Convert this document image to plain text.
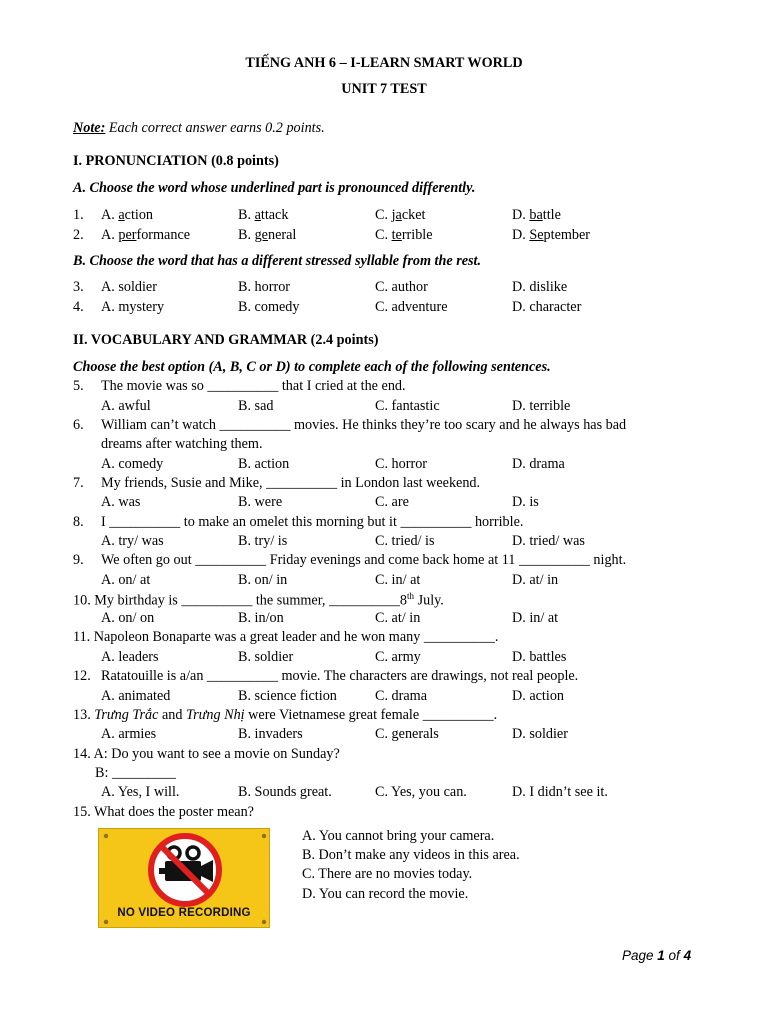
TIẾNG ANH 6 – I-LEARN SMART WORLD
UNIT 7 TEST
Note: Each correct answer earns 0.2 points.
I. PRONUNCIATION (0.8 points)
A. Choose the word whose underlined part is pronounced differently.
1. A. action	B. attack	C. jacket	D. battle
2. A. performance	B. general	C. terrible	D. September
B. Choose the word that has a different stressed syllable from the rest.
3. A. soldier	B. horror	C. author	D. dislike
4. A. mystery	B. comedy	C. adventure	D. character
II. VOCABULARY AND GRAMMAR (2.4 points)
Choose the best option (A, B, C or D) to complete each of the following sentences.
5. The movie was so __________ that I cried at the end.
A. awful	B. sad	C. fantastic	D. terrible
6. William can’t watch __________ movies. He thinks they’re too scary and he always has bad
dreams after watching them.
A. comedy	B. action	C. horror	D. drama
7. My friends, Susie and Mike, __________ in London last weekend.
A. was	B. were	C. are	D. is
8. I __________ to make an omelet this morning but it __________ horrible.
A. try/ was	B. try/ is	C. tried/ is	D. tried/ was
9. We often go out __________ Friday evenings and come back home at 11 __________ night.
A. on/ at	B. on/ in	C. in/ at	D. at/ in
10. My birthday is __________ the summer, __________8th July.
A. on/ on	B. in/on	C. at/ in	D. in/ at
11. Napoleon Bonaparte was a great leader and he won many __________.
A. leaders	B. soldier	C. army	D. battles
12. Ratatouille is a/an __________ movie. The characters are drawings, not real people.
A. animated	B. science fiction	C. drama	D. action
13. Trưng Trắc and Trưng Nhị were Vietnamese great female __________.
A. armies	B. invaders	C. generals	D. soldier
14. A: Do you want to see a movie on Sunday?
B: _________
A. Yes, I will.	B. Sounds great.	C. Yes, you can.	D. I didn’t see it.
15. What does the poster mean?
NO VIDEO RECORDING
A. You cannot bring your camera.
B. Don’t make any videos in this area.
C. There are no movies today.
D. You can record the movie.
Page 1 of 4
